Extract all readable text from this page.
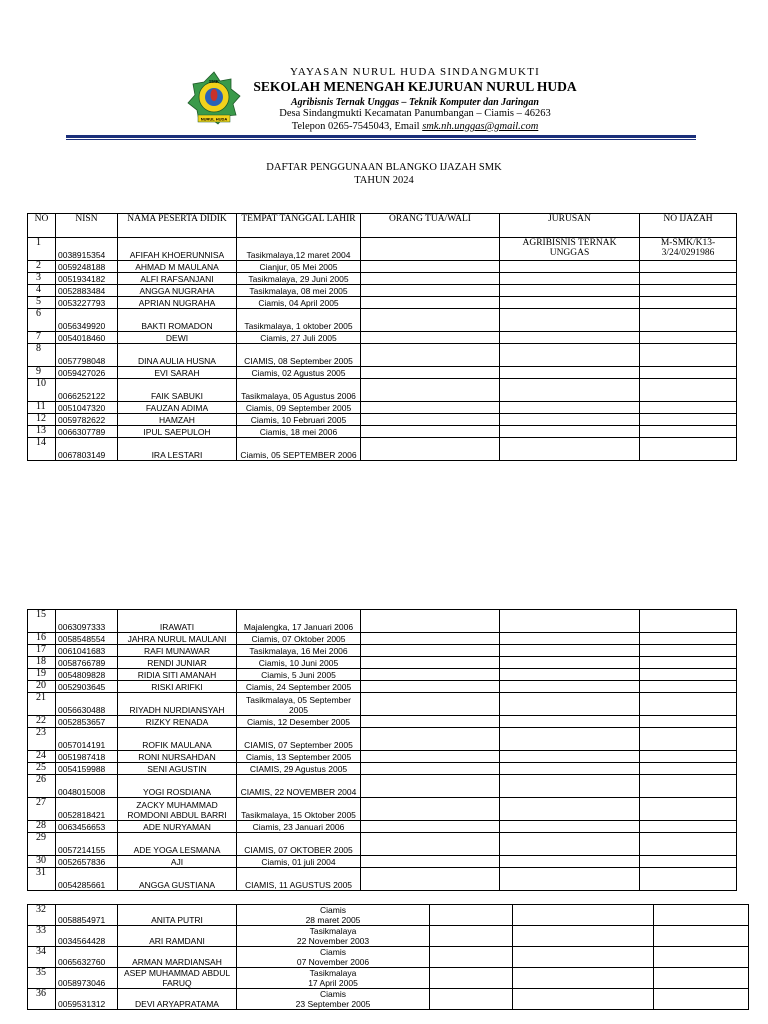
SMK
NURUL HUDA
YAYASAN NURUL HUDA SINDANGMUKTI
SEKOLAH MENENGAH KEJURUAN NURUL HUDA
Agribisnis Ternak Unggas – Teknik Komputer dan Jaringan
Desa Sindangmukti Kecamatan Panumbangan – Ciamis – 46263
Telepon 0265-7545043, Email smk.nh.unggas@gmail.com
DAFTAR PENGGUNAAN BLANGKO IJAZAH SMK
TAHUN 2024
NO	NISN	NAMA PESERTA DIDIK	TEMPAT TANGGAL LAHIR	ORANG TUA/WALI	JURUSAN	NO IJAZAH
1	0038915354	AFIFAH KHOERUNNISA	Tasikmalaya,12 maret 2004		AGRIBISNIS TERNAK UNGGAS	M-SMK/K13-3/24/0291986
2	0059248188	AHMAD M MAULANA	Cianjur, 05 Mei 2005			
3	0051934182	ALFI RAFSANJANI	Tasikmalaya, 29 Juni 2005			
4	0052883484	ANGGA NUGRAHA	Tasikmalaya, 08 mei 2005			
5	0053227793	APRIAN NUGRAHA	Ciamis, 04 April 2005			
6	0056349920	BAKTI ROMADON	Tasikmalaya, 1 oktober 2005			
7	0054018460	DEWI	Ciamis, 27 Juli 2005			
8	0057798048	DINA AULIA HUSNA	CIAMIS, 08 September 2005			
9	0059427026	EVI SARAH	Ciamis, 02 Agustus 2005			
10	0066252122	FAIK SABUKI	Tasikmalaya, 05 Agustus 2006			
11	0051047320	FAUZAN ADIMA	Ciamis, 09 September 2005			
12	0059782622	HAMZAH	Ciamis, 10 Februari 2005			
13	0066307789	IPUL SAEPULOH	Ciamis, 18 mei 2006			
14	0067803149	IRA LESTARI	Ciamis, 05 SEPTEMBER 2006			
15	0063097333	IRAWATI	Majalengka, 17 Januari 2006			
16	0058548554	JAHRA NURUL MAULANI	Ciamis, 07 Oktober 2005			
17	0061041683	RAFI MUNAWAR	Tasikmalaya, 16 Mei 2006			
18	0058766789	RENDI JUNIAR	Ciamis, 10 Juni 2005			
19	0054809828	RIDIA SITI AMANAH	Ciamis, 5 Juni 2005			
20	0052903645	RISKI ARIFKI	Ciamis, 24 September 2005			
21	0056630488	RIYADH NURDIANSYAH	Tasikmalaya, 05 September 2005			
22	0052853657	RIZKY RENADA	Ciamis, 12 Desember 2005			
23	0057014191	ROFIK MAULANA	CIAMIS, 07 September 2005			
24	0051987418	RONI NURSAHDAN	Ciamis, 13 September 2005			
25	0054159988	SENI AGUSTIN	CIAMIS, 29 Agustus 2005			
26	0048015008	YOGI ROSDIANA	CIAMIS, 22 NOVEMBER 2004			
27	0052818421	ZACKY MUHAMMAD ROMDONI ABDUL BARRI	Tasikmalaya, 15 Oktober 2005			
28	0063456653	ADE NURYAMAN	Ciamis, 23 Januari 2006			
29	0057214155	ADE YOGA LESMANA	CIAMIS, 07 OKTOBER 2005			
30	0052657836	AJI	Ciamis, 01 juli 2004			
31	0054285661	ANGGA GUSTIANA	CIAMIS, 11 AGUSTUS 2005			
32	0058854971	ANITA PUTRI	Ciamis
28 maret 2005			

33	0034564428	ARI RAMDANI	Tasikmalaya
22 November 2003			

34	0065632760	ARMAN MARDIANSAH	Ciamis
07 November 2006			

35	0058973046	ASEP MUHAMMAD ABDUL FARUQ	Tasikmalaya
17 April 2005			

36	0059531312	DEVI ARYAPRATAMA	Ciamis
23 September 2005			
